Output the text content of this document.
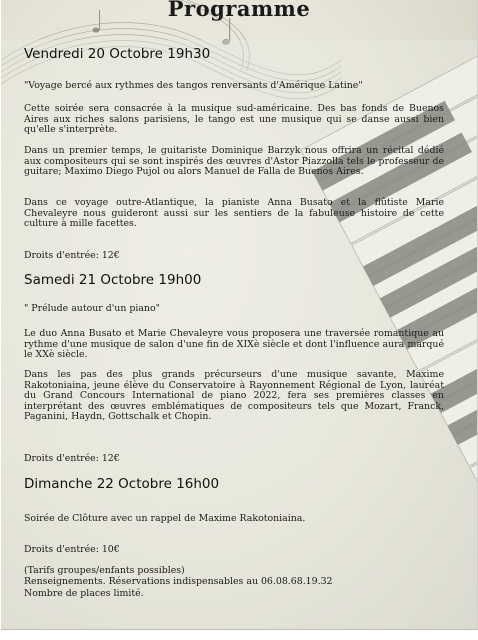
Programme
Vendredi 20 Octobre 19h30
"Voyage bercé aux rythmes des tangos renversants d'Amérique Latine"
Cette soirée sera consacrée à la musique sud-américaine. Des bas fonds de Buenos Aires aux riches salons parisiens, le tango est une musique qui se danse aussi bien qu'elle s'interprète.
Dans un premier temps, le guitariste Dominique Barzyk nous offrira un récital dédié aux compositeurs qui se sont inspirés des œuvres d'Astor Piazzolla tels le professeur de guitare; Maximo Diego Pujol ou alors Manuel de Falla de Buenos Aires.
Dans ce voyage outre-Atlantique, la pianiste Anna Busato et la flûtiste Marie Chevaleyre nous guideront aussi sur les sentiers de la fabuleuse histoire de cette culture à mille facettes.
Droits d'entrée: 12€
Samedi 21 Octobre 19h00
" Prélude autour d'un piano"
Le duo Anna Busato et Marie Chevaleyre vous proposera une traversée romantique au rythme d'une musique de salon d'une fin de XIXè siècle et dont l'influence aura marqué le XXè siècle.
Dans les pas des plus grands précurseurs d'une musique savante, Maxime Rakotoniaina, jeune élève du Conservatoire à Rayonnement Régional de Lyon, lauréat du Grand Concours International de piano 2022, fera ses premières classes en interprétant des œuvres emblématiques de compositeurs tels que Mozart, Franck, Paganini, Haydn, Gottschalk et Chopin.
Droits d'entrée: 12€
Dimanche 22 Octobre 16h00
Soirée de Clôture avec un rappel de Maxime Rakotoniaina.
Droits d'entrée: 10€
(Tarifs groupes/enfants possibles)
Renseignements. Réservations indispensables au 06.08.68.19.32
Nombre de places limité.
